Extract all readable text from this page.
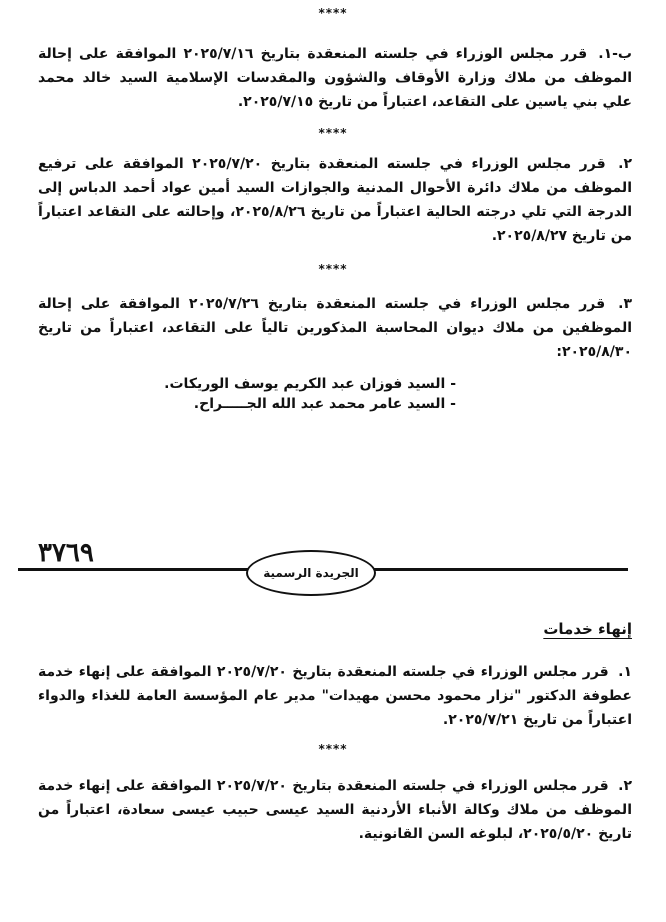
****
ب-١. قرر مجلس الوزراء في جلسته المنعقدة بتاريخ ٢٠٢٥/٧/١٦ الموافقة على إحالة الموظف من ملاك وزارة الأوقاف والشؤون والمقدسات الإسلامية السيد خالد محمد علي بني ياسين على التقاعد، اعتباراً من تاريخ ٢٠٢٥/٧/١٥.
****
٢. قرر مجلس الوزراء في جلسته المنعقدة بتاريخ ٢٠٢٥/٧/٢٠ الموافقة على ترفيع الموظف من ملاك دائرة الأحوال المدنية والجوازات السيد أمين عواد أحمد الدباس إلى الدرجة التي تلي درجته الحالية اعتباراً من تاريخ ٢٠٢٥/٨/٢٦، وإحالته على التقاعد اعتباراً من تاريخ ٢٠٢٥/٨/٢٧.
****
٣. قرر مجلس الوزراء في جلسته المنعقدة بتاريخ ٢٠٢٥/٧/٢٦ الموافقة على إحالة الموظفين من ملاك ديوان المحاسبة المذكورين تالياً على التقاعد، اعتباراً من تاريخ ٢٠٢٥/٨/٣٠:
- السيد فوزان عبد الكريم يوسف الوريكات.
- السيد عامر محمد عبد الله الجـــــراح.
٣٧٦٩
الجريدة الرسمية
إنهاء خدمات
١. قرر مجلس الوزراء في جلسته المنعقدة بتاريخ ٢٠٢٥/٧/٢٠ الموافقة على إنهاء خدمة عطوفة الدكتور "نزار محمود محسن مهيدات" مدير عام المؤسسة العامة للغذاء والدواء اعتباراً من تاريخ ٢٠٢٥/٧/٢١.
****
٢. قرر مجلس الوزراء في جلسته المنعقدة بتاريخ ٢٠٢٥/٧/٢٠ الموافقة على إنهاء خدمة الموظف من ملاك وكالة الأنباء الأردنية السيد عيسى حبيب عيسى سعادة، اعتباراً من تاريخ ٢٠٢٥/٥/٢٠، لبلوغه السن القانونية.
